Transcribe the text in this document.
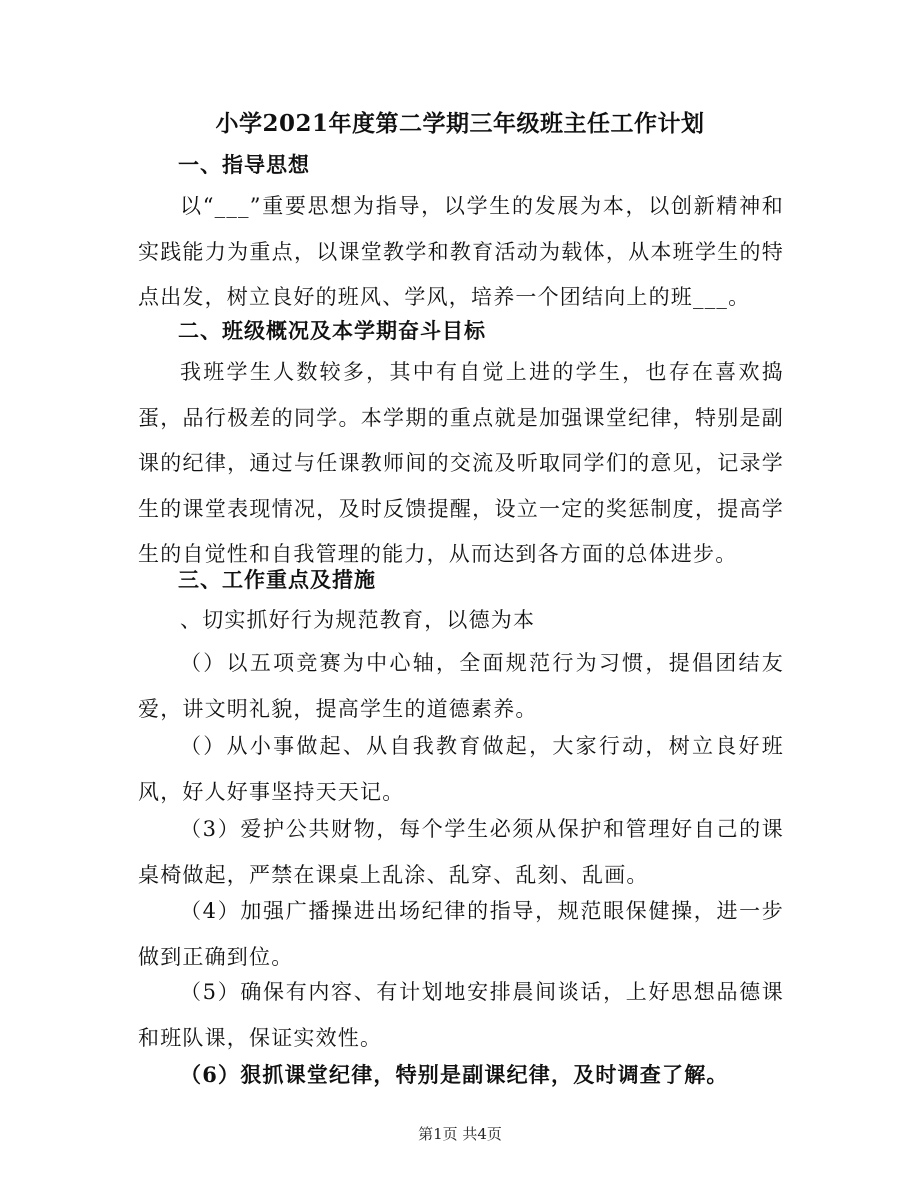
小学2021年度第二学期三年级班主任工作计划
一、指导思想
以“___”重要思想为指导，以学生的发展为本，以创新精神和实践能力为重点，以课堂教学和教育活动为载体，从本班学生的特点出发，树立良好的班风、学风，培养一个团结向上的班___。
二、班级概况及本学期奋斗目标
我班学生人数较多，其中有自觉上进的学生，也存在喜欢捣蛋，品行极差的同学。本学期的重点就是加强课堂纪律，特别是副课的纪律，通过与任课教师间的交流及听取同学们的意见，记录学生的课堂表现情况，及时反馈提醒，设立一定的奖惩制度，提高学生的自觉性和自我管理的能力，从而达到各方面的总体进步。
三、工作重点及措施
、切实抓好行为规范教育，以德为本
（）以五项竞赛为中心轴，全面规范行为习惯，提倡团结友爱，讲文明礼貌，提高学生的道德素养。
（）从小事做起、从自我教育做起，大家行动，树立良好班风，好人好事坚持天天记。
（3）爱护公共财物，每个学生必须从保护和管理好自己的课桌椅做起，严禁在课桌上乱涂、乱穿、乱刻、乱画。
（4）加强广播操进出场纪律的指导，规范眼保健操，进一步做到正确到位。
（5）确保有内容、有计划地安排晨间谈话，上好思想品德课和班队课，保证实效性。
（6）狠抓课堂纪律，特别是副课纪律，及时调查了解。
第1页 共4页
